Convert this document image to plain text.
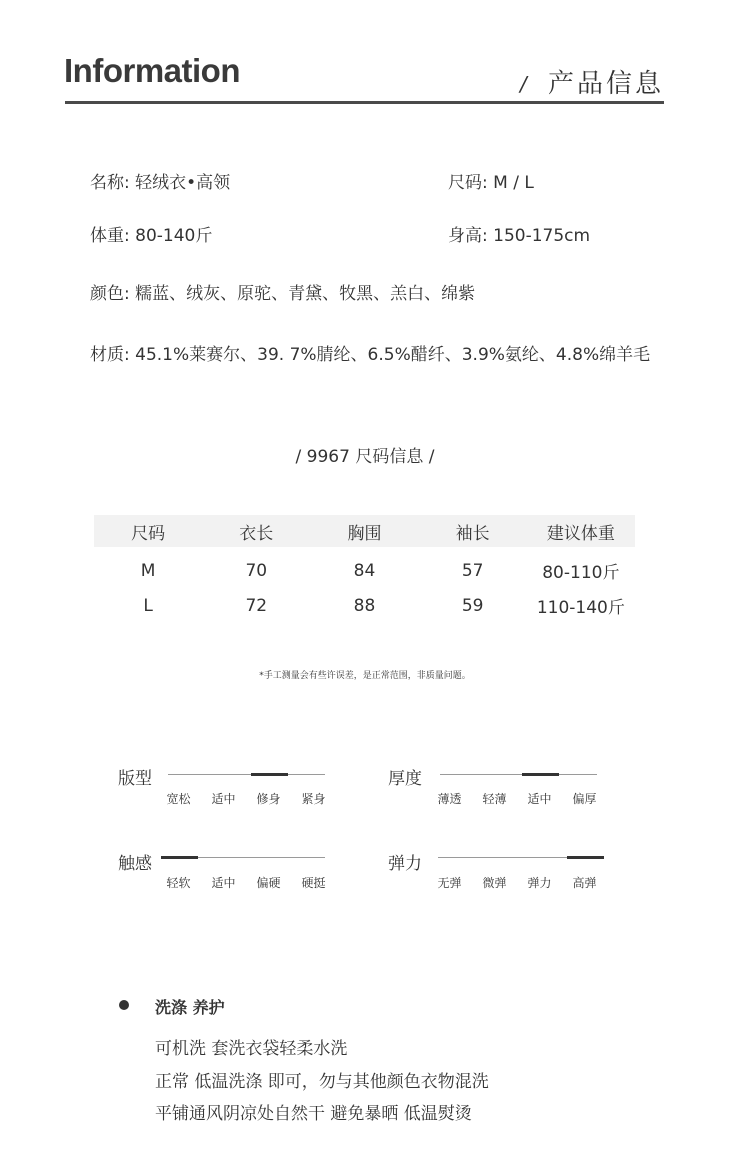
Information	/ 产品信息
名称: 轻绒衣•高领	尺码: M / L
体重: 80-140斤	身高: 150-175cm
颜色: 糯蓝、绒灰、原驼、青黛、牧黑、羔白、绵紫
材质: 45.1%莱赛尔、39. 7%腈纶、6.5%醋纤、3.9%氨纶、4.8%绵羊毛
/ 9967 尺码信息 /
尺码	衣长	胸围	袖长	建议体重
M	70	84	57	80-110斤
L	72	88	59	110-140斤
*手工测量会有些许误差，是正常范围，非质量问题。
版型
宽松	适中	修身	紧身
厚度
薄透	轻薄	适中	偏厚
触感
轻软	适中	偏硬	硬挺
弹力
无弹	微弹	弹力	高弹
洗涤 养护
可机洗 套洗衣袋轻柔水洗
正常 低温洗涤 即可，勿与其他颜色衣物混洗
平铺通风阴凉处自然干 避免暴晒 低温熨烫
